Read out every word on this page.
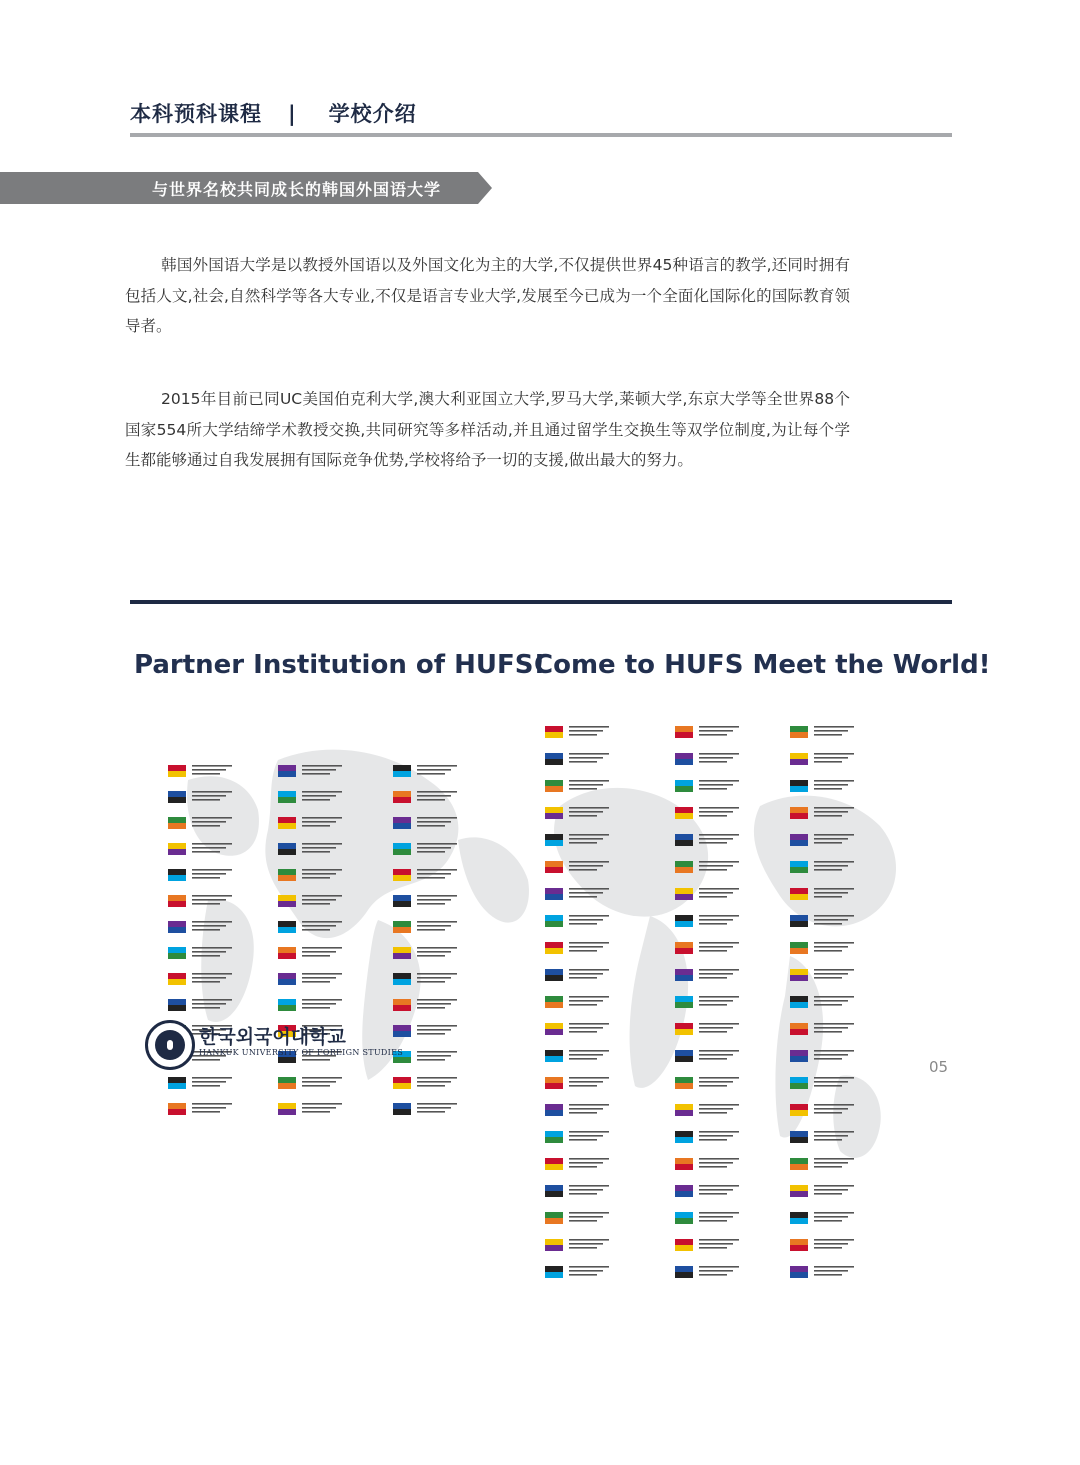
本科预科课程 | 学校介绍
与世界名校共同成长的韩国外国语大学
韩国外国语大学是以教授外国语以及外国文化为主的大学,不仅提供世界45种语言的教学,还同时拥有包括人文,社会,自然科学等各大专业,不仅是语言专业大学,发展至今已成为一个全面化国际化的国际教育领导者。
2015年目前已同UC美国伯克利大学,澳大利亚国立大学,罗马大学,莱顿大学,东京大学等全世界88个国家554所大学结缔学术教授交换,共同研究等多样活动,并且通过留学生交换生等双学位制度,为让每个学生都能够通过自我发展拥有国际竞争优势,学校将给予一切的支援,做出最大的努力。
Partner Institution of HUFS!
Come to HUFS Meet the World!
한국외국어대학교
HANKUK UNIVERSITY OF FOREIGN STUDIES
05
